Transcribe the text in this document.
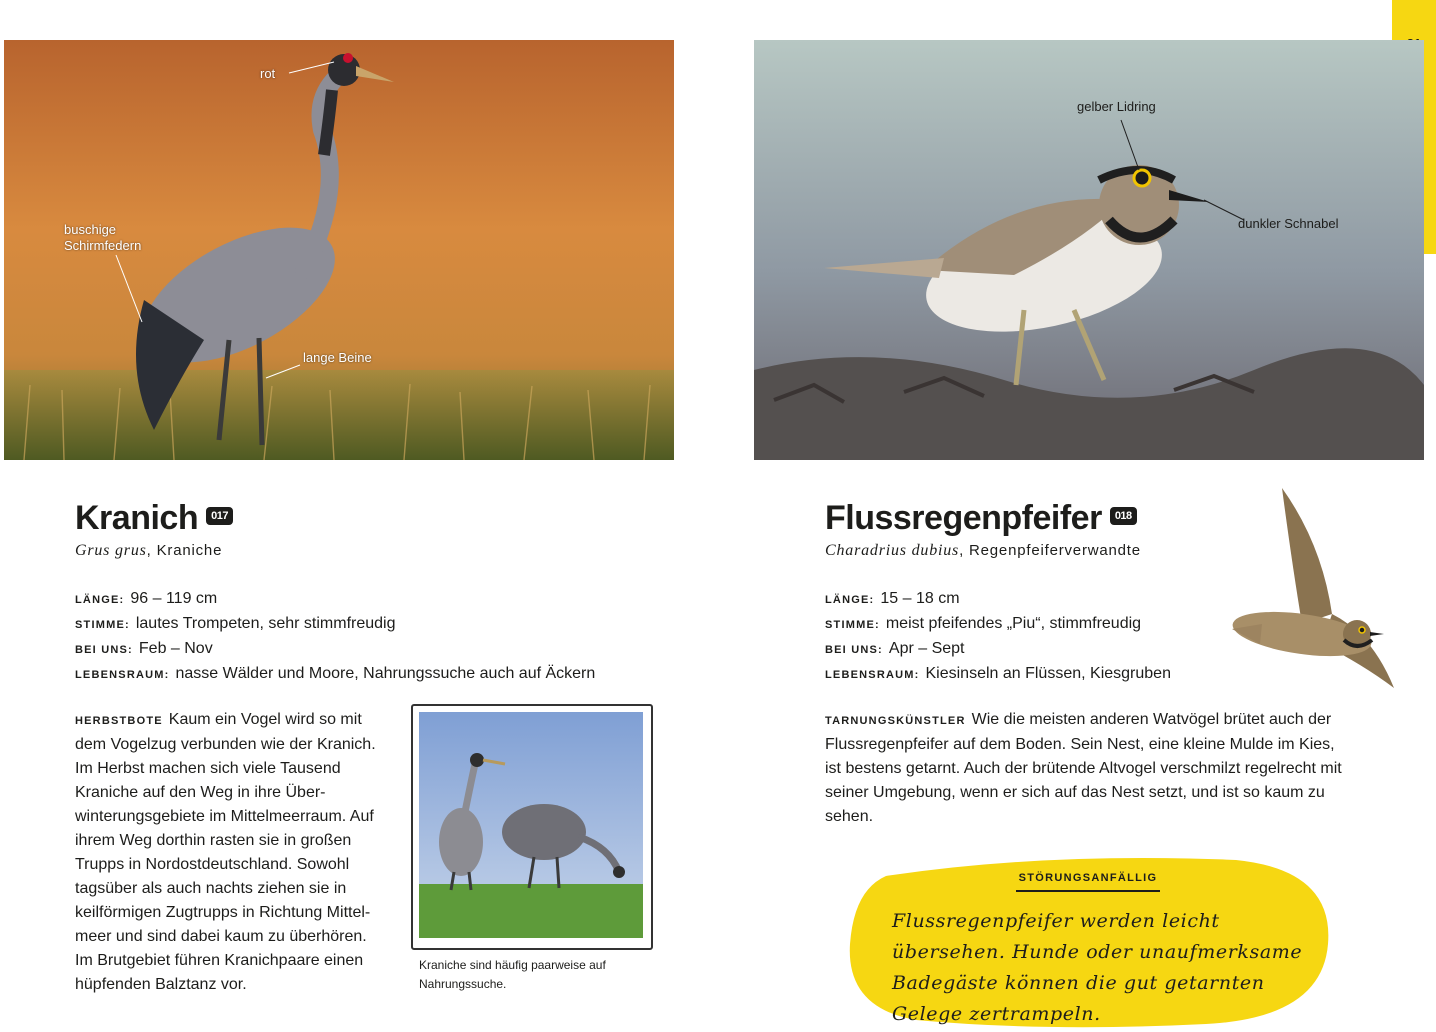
rot
buschige
Schirmfedern
lange Beine
gelber Lidring
dunkler Schnabel
Kranich 017
Grus grus, Kraniche
LÄNGE: 96 – 119 cm
STIMME: lautes Trompeten, sehr stimmfreudig
BEI UNS: Feb – Nov
LEBENSRAUM: nasse Wälder und Moore, Nahrungssuche auch auf Äckern
HERBSTBOTE Kaum ein Vogel wird so mit dem Vogelzug verbunden wie der Kranich. Im Herbst machen sich viele Tausend Kraniche auf den Weg in ihre Über-winterungsgebiete im Mittelmeerraum. Auf ihrem Weg dorthin rasten sie in großen Trupps in Nordostdeutschland. Sowohl tagsüber als auch nachts ziehen sie in keilförmigen Zugtrupps in Richtung Mittel-meer und sind dabei kaum zu überhören. Im Brutgebiet führen Kranichpaare einen hüpfenden Balztanz vor.
Kraniche sind häufig paarweise auf Nahrungssuche.
Flussregenpfeifer 018
Charadrius dubius, Regenpfeiferverwandte
LÄNGE: 15 – 18 cm
STIMME: meist pfeifendes „Piu“, stimmfreudig
BEI UNS: Apr – Sept
LEBENSRAUM: Kiesinseln an Flüssen, Kiesgruben
TARNUNGSKÜNSTLER Wie die meisten anderen Watvögel brütet auch der Flussregenpfeifer auf dem Boden. Sein Nest, eine kleine Mulde im Kies, ist bestens getarnt. Auch der brütende Altvogel verschmilzt regelrecht mit seiner Umgebung, wenn er sich auf das Nest setzt, und ist so kaum zu sehen.
STÖRUNGSANFÄLLIG
Flussregenpfeifer werden leicht übersehen. Hunde oder unaufmerksame Badegäste können die gut getarnten Gelege zertrampeln.
